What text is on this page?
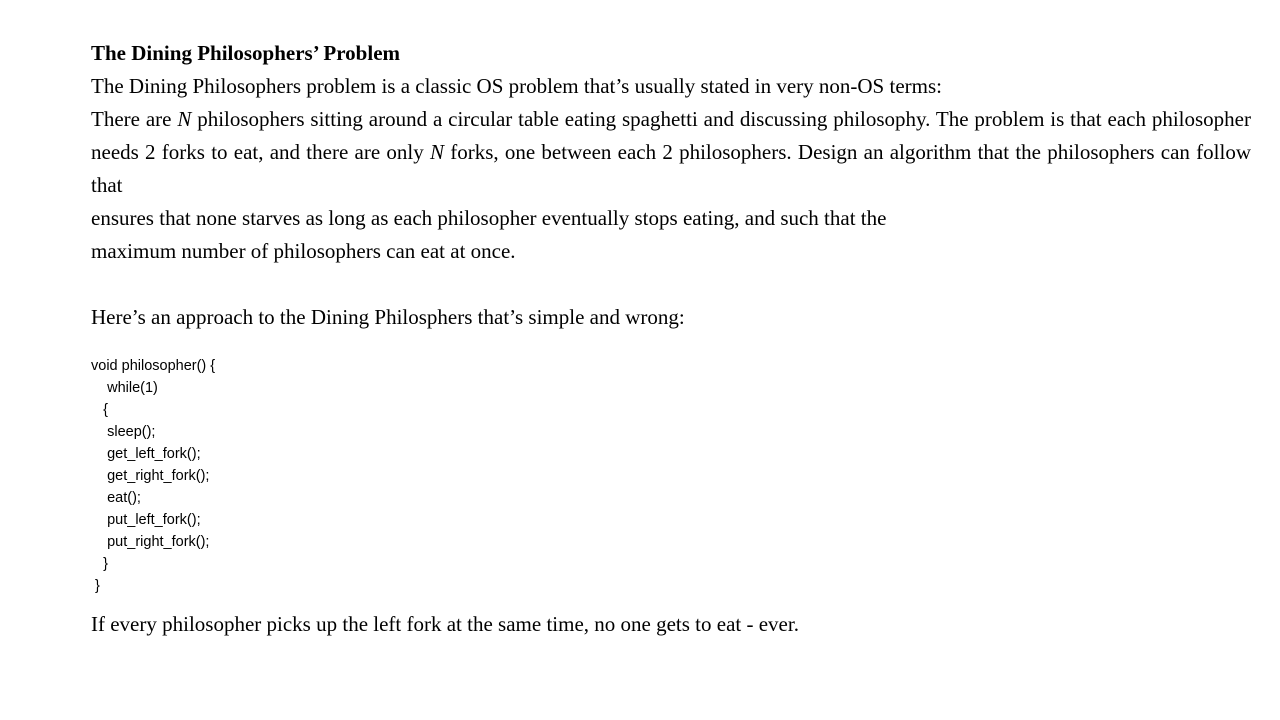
The Dining Philosophers’ Problem

The Dining Philosophers problem is a classic OS problem that’s usually stated in very non-OS terms:

There are N philosophers sitting around a circular table eating spaghetti and discussing philosophy. The problem is that each philosopher needs 2 forks to eat, and there are only N forks, one between each 2 philosophers. Design an algorithm that the philosophers can follow that

ensures that none starves as long as each philosopher eventually stops eating, and such that the

maximum number of philosophers can eat at once.

Here’s an approach to the Dining Philosphers that’s simple and wrong:

void philosopher() {

while(1)

{

sleep();

get_left_fork();

get_right_fork();

eat();

put_left_fork();

put_right_fork();

}

}

If every philosopher picks up the left fork at the same time, no one gets to eat - ever.
